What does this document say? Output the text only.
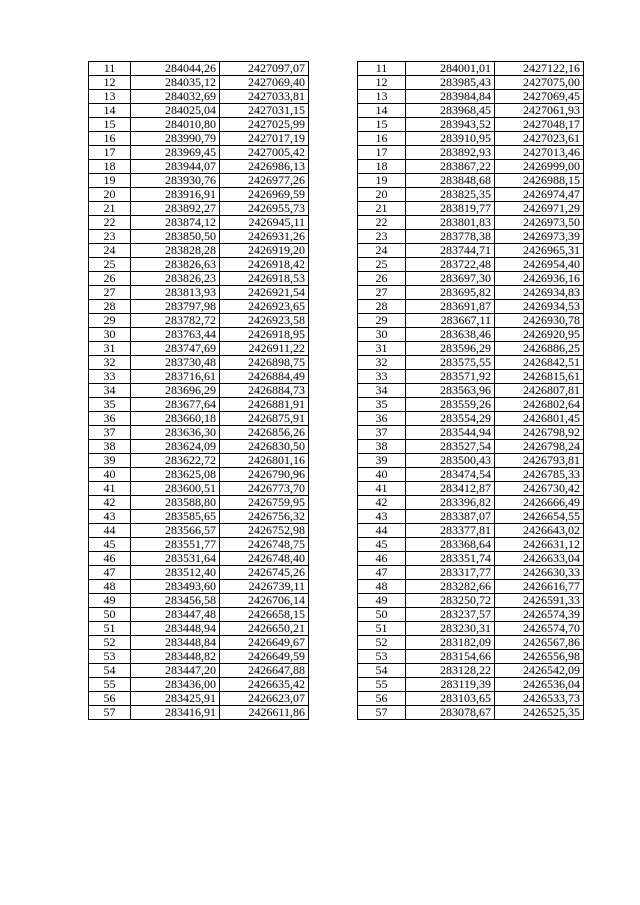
11	284044,26	2427097,07
12	284035,12	2427069,40
13	284032,69	2427033,81
14	284025,04	2427031,15
15	284010,80	2427025,99
16	283990,79	2427017,19
17	283969,45	2427005,42
18	283944,07	2426986,13
19	283930,76	2426977,26
20	283916,91	2426969,59
21	283892,27	2426955,73
22	283874,12	2426945,11
23	283850,50	2426931,26
24	283828,28	2426919,20
25	283826,63	2426918,42
26	283826,23	2426918,53
27	283813,93	2426921,54
28	283797,98	2426923,65
29	283782,72	2426923,58
30	283763,44	2426918,95
31	283747,69	2426911,22
32	283730,48	2426898,75
33	283716,61	2426884,49
34	283696,29	2426884,73
35	283677,64	2426881,91
36	283660,18	2426875,91
37	283636,30	2426856,26
38	283624,09	2426830,50
39	283622,72	2426801,16
40	283625,08	2426790,96
41	283600,51	2426773,70
42	283588,80	2426759,95
43	283585,65	2426756,32
44	283566,57	2426752,98
45	283551,77	2426748,75
46	283531,64	2426748,40
47	283512,40	2426745,26
48	283493,60	2426739,11
49	283456,58	2426706,14
50	283447,48	2426658,15
51	283448,94	2426650,21
52	283448,84	2426649,67
53	283448,82	2426649,59
54	283447,20	2426647,88
55	283436,00	2426635,42
56	283425,91	2426623,07
57	283416,91	2426611,86
11	284001,01	2427122,16
12	283985,43	2427075,00
13	283984,84	2427069,45
14	283968,45	2427061,93
15	283943,52	2427048,17
16	283910,95	2427023,61
17	283892,93	2427013,46
18	283867,22	2426999,00
19	283848,68	2426988,15
20	283825,35	2426974,47
21	283819,77	2426971,29
22	283801,83	2426973,50
23	283778,38	2426973,39
24	283744,71	2426965,31
25	283722,48	2426954,40
26	283697,30	2426936,16
27	283695,82	2426934,83
28	283691,87	2426934,53
29	283667,11	2426930,78
30	283638,46	2426920,95
31	283596,29	2426886,25
32	283575,55	2426842,51
33	283571,92	2426815,61
34	283563,96	2426807,81
35	283559,26	2426802,64
36	283554,29	2426801,45
37	283544,94	2426798,92
38	283527,54	2426798,24
39	283500,43	2426793,81
40	283474,54	2426785,33
41	283412,87	2426730,42
42	283396,82	2426666,49
43	283387,07	2426654,55
44	283377,81	2426643,02
45	283368,64	2426631,12
46	283351,74	2426633,04
47	283317,77	2426630,33
48	283282,66	2426616,77
49	283250,72	2426591,33
50	283237,57	2426574,39
51	283230,31	2426574,70
52	283182,09	2426567,86
53	283154,66	2426556,98
54	283128,22	2426542,09
55	283119,39	2426536,04
56	283103,65	2426533,73
57	283078,67	2426525,35
